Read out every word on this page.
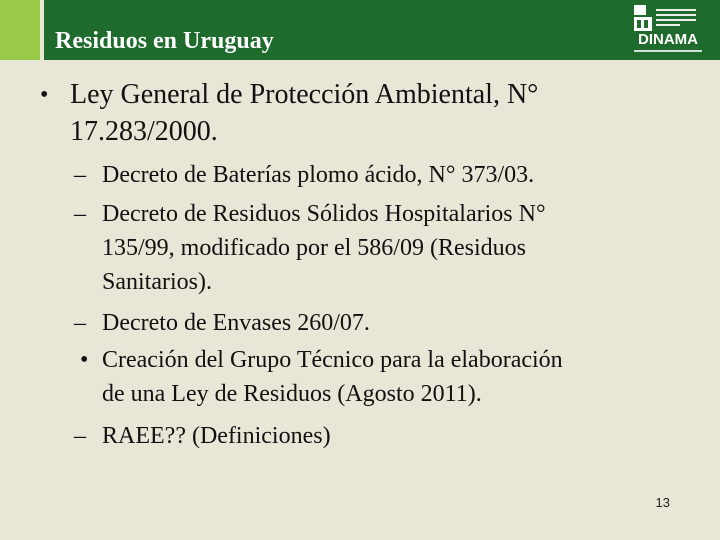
Residuos en Uruguay	DINAMA
• Ley General de Protección Ambiental, N°
17.283/2000.
– Decreto de Baterías plomo ácido, N° 373/03.
– Decreto de Residuos Sólidos Hospitalarios N°
135/99, modificado por el 586/09 (Residuos
Sanitarios).
– Decreto de Envases 260/07.
• Creación del Grupo Técnico para la elaboración
de una Ley de Residuos (Agosto 2011).
– RAEE?? (Definiciones)
13
